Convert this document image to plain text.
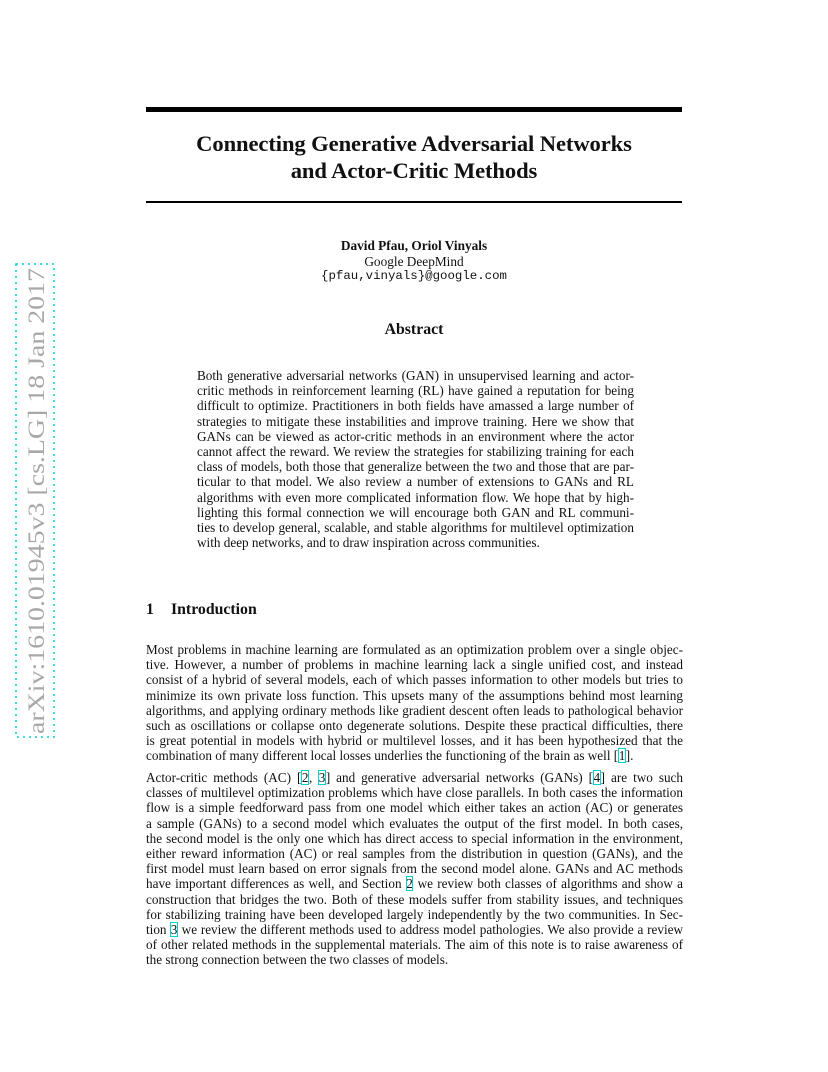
arXiv:1610.01945v3 [cs.LG] 18 Jan 2017
Connecting Generative Adversarial Networks
and Actor-Critic Methods
David Pfau, Oriol Vinyals
Google DeepMind
{pfau,vinyals}@google.com
Abstract
Both generative adversarial networks (GAN) in unsupervised learning and actor-
critic methods in reinforcement learning (RL) have gained a reputation for being
difficult to optimize. Practitioners in both fields have amassed a large number of
strategies to mitigate these instabilities and improve training. Here we show that
GANs can be viewed as actor-critic methods in an environment where the actor
cannot affect the reward. We review the strategies for stabilizing training for each
class of models, both those that generalize between the two and those that are par-
ticular to that model. We also review a number of extensions to GANs and RL
algorithms with even more complicated information flow. We hope that by high-
lighting this formal connection we will encourage both GAN and RL communi-
ties to develop general, scalable, and stable algorithms for multilevel optimization
with deep networks, and to draw inspiration across communities.
1 Introduction
Most problems in machine learning are formulated as an optimization problem over a single objec-
tive. However, a number of problems in machine learning lack a single unified cost, and instead
consist of a hybrid of several models, each of which passes information to other models but tries to
minimize its own private loss function. This upsets many of the assumptions behind most learning
algorithms, and applying ordinary methods like gradient descent often leads to pathological behavior
such as oscillations or collapse onto degenerate solutions. Despite these practical difficulties, there
is great potential in models with hybrid or multilevel losses, and it has been hypothesized that the
combination of many different local losses underlies the functioning of the brain as well [1].
Actor-critic methods (AC) [2, 3] and generative adversarial networks (GANs) [4] are two such
classes of multilevel optimization problems which have close parallels. In both cases the information
flow is a simple feedforward pass from one model which either takes an action (AC) or generates
a sample (GANs) to a second model which evaluates the output of the first model. In both cases,
the second model is the only one which has direct access to special information in the environment,
either reward information (AC) or real samples from the distribution in question (GANs), and the
first model must learn based on error signals from the second model alone. GANs and AC methods
have important differences as well, and Section 2 we review both classes of algorithms and show a
construction that bridges the two. Both of these models suffer from stability issues, and techniques
for stabilizing training have been developed largely independently by the two communities. In Sec-
tion 3 we review the different methods used to address model pathologies. We also provide a review
of other related methods in the supplemental materials. The aim of this note is to raise awareness of
the strong connection between the two classes of models.
